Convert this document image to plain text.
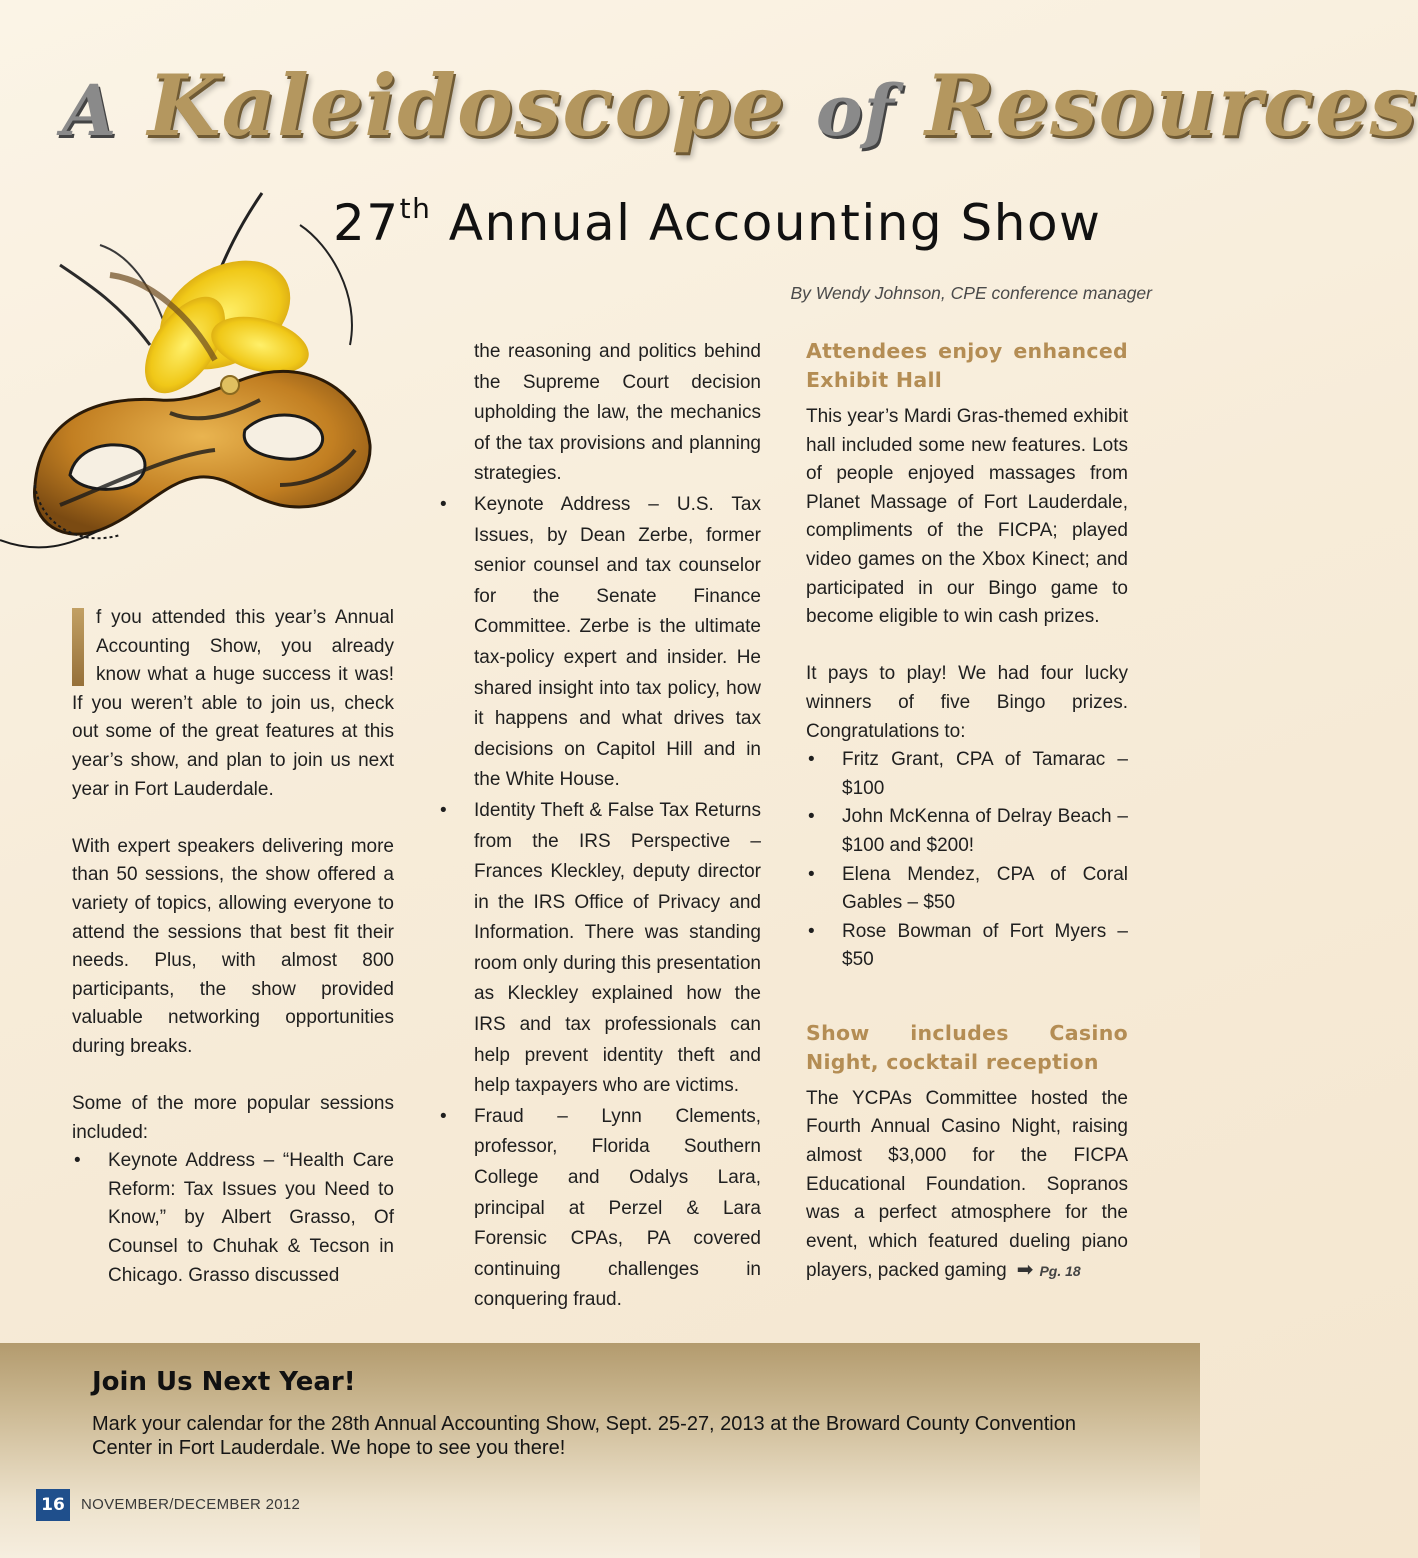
A Kaleidoscope of Resources
27th Annual Accounting Show
By Wendy Johnson, CPE conference manager

f you attended this year’s Annual Accounting Show, you already know what a huge success it was! If you weren’t able to join us, check out some of the great features at this year’s show, and plan to join us next year in Fort Lauderdale.

With expert speakers delivering more than 50 sessions, the show offered a variety of topics, allowing everyone to attend the sessions that best fit their needs. Plus, with almost 800 participants, the show provided valuable networking opportunities during breaks.

Some of the more popular sessions included:

• Keynote Address – “Health Care Reform: Tax Issues you Need to Know,” by Albert Grasso, Of Counsel to Chuhak & Tecson in Chicago. Grasso discussed
the reasoning and politics behind the Supreme Court decision upholding the law, the mechanics of the tax provisions and planning strategies.
• Keynote Address – U.S. Tax Issues, by Dean Zerbe, former senior counsel and tax counselor for the Senate Finance Committee. Zerbe is the ultimate tax-policy expert and insider. He shared insight into tax policy, how it happens and what drives tax decisions on Capitol Hill and in the White House.
• Identity Theft & False Tax Returns from the IRS Perspective – Frances Kleckley, deputy director in the IRS Office of Privacy and Information. There was standing room only during this presentation as Kleckley explained how the IRS and tax professionals can help prevent identity theft and help taxpayers who are victims.
• Fraud – Lynn Clements, professor, Florida Southern College and Odalys Lara, principal at Perzel & Lara Forensic CPAs, PA covered continuing challenges in conquering fraud.
Attendees enjoy enhanced Exhibit Hall

This year’s Mardi Gras-themed exhibit hall included some new features. Lots of people enjoyed massages from Planet Massage of Fort Lauderdale, compliments of the FICPA; played video games on the Xbox Kinect; and participated in our Bingo game to become eligible to win cash prizes.

It pays to play! We had four lucky winners of five Bingo prizes. Congratulations to:

• Fritz Grant, CPA of Tamarac – $100
• John McKenna of Delray Beach – $100 and $200!
• Elena Mendez, CPA of Coral Gables – $50
• Rose Bowman of Fort Myers – $50
Show includes Casino Night, cocktail reception

The YCPAs Committee hosted the Fourth Annual Casino Night, raising almost $3,000 for the FICPA Educational Foundation. Sopranos was a perfect atmosphere for the event, which featured dueling piano players, packed gaming ➡ Pg. 18

Join Us Next Year!
Mark your calendar for the 28th Annual Accounting Show, Sept. 25-27, 2013 at the Broward County Convention Center in Fort Lauderdale. We hope to see you there!
16	NOVEMBER/DECEMBER 2012
